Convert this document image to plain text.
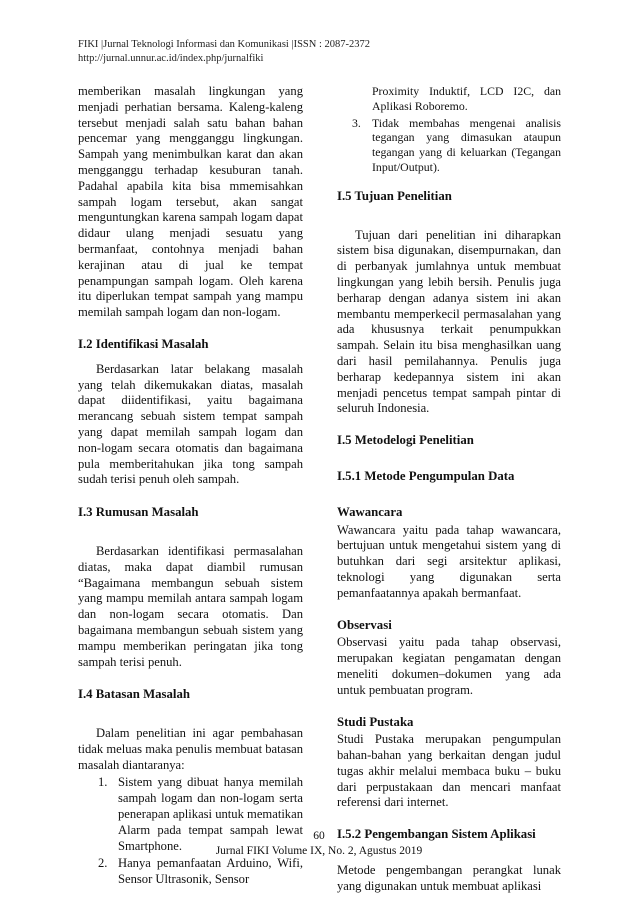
FIKI |Jurnal Teknologi Informasi dan Komunikasi |ISSN : 2087-2372
http://jurnal.unnur.ac.id/index.php/jurnalfiki

memberikan masalah lingkungan yang menjadi perhatian bersama. Kaleng-kaleng tersebut menjadi salah satu bahan bahan pencemar yang mengganggu lingkungan. Sampah yang menimbulkan karat dan akan mengganggu terhadap kesuburan tanah. Padahal apabila kita bisa mmemisahkan sampah logam tersebut, akan sangat menguntungkan karena sampah logam dapat didaur ulang menjadi sesuatu yang bermanfaat, contohnya menjadi bahan kerajinan atau di jual ke tempat penampungan sampah logam. Oleh karena itu diperlukan tempat sampah yang mampu memilah sampah logam dan non-logam.

I.2 Identifikasi Masalah

Berdasarkan latar belakang masalah yang telah dikemukakan diatas, masalah dapat diidentifikasi, yaitu bagaimana merancang sebuah sistem tempat sampah yang dapat memilah sampah logam dan non-logam secara otomatis dan bagaimana pula memberitahukan jika tong sampah sudah terisi penuh oleh sampah.

I.3 Rumusan Masalah

Berdasarkan identifikasi permasalahan diatas, maka dapat diambil rumusan “Bagaimana membangun sebuah sistem yang mampu memilah antara sampah logam dan non-logam secara otomatis. Dan bagaimana membangun sebuah sistem yang mampu memberikan peringatan jika tong sampah terisi penuh.

I.4 Batasan Masalah

Dalam penelitian ini agar pembahasan tidak meluas maka penulis membuat batasan masalah diantaranya:

1. Sistem yang dibuat hanya memilah sampah logam dan non-logam serta penerapan aplikasi untuk mematikan Alarm pada tempat sampah lewat Smartphone.
2. Hanya pemanfaatan Arduino, Wifi, Sensor Ultrasonik, Sensor

Proximity Induktif, LCD I2C, dan Aplikasi Roboremo.

3. Tidak membahas mengenai analisis tegangan yang dimasukan ataupun tegangan yang di keluarkan (Tegangan Input/Output).
I.5 Tujuan Penelitian

Tujuan dari penelitian ini diharapkan sistem bisa digunakan, disempurnakan, dan di perbanyak jumlahnya untuk membuat lingkungan yang lebih bersih. Penulis juga berharap dengan adanya sistem ini akan membantu memperkecil permasalahan yang ada khususnya terkait penumpukkan sampah. Selain itu bisa menghasilkan uang dari hasil pemilahannya. Penulis juga berharap kedepannya sistem ini akan menjadi pencetus tempat sampah pintar di seluruh Indonesia.

I.5 Metodelogi Penelitian
I.5.1 Metode Pengumpulan Data
Wawancara

Wawancara yaitu pada tahap wawancara, bertujuan untuk mengetahui sistem yang di butuhkan dari segi arsitektur aplikasi, teknologi yang digunakan serta pemanfaatannya apakah bermanfaat.

Observasi

Observasi yaitu pada tahap observasi, merupakan kegiatan pengamatan dengan meneliti dokumen–dokumen yang ada untuk pembuatan program.

Studi Pustaka

Studi Pustaka merupakan pengumpulan bahan-bahan yang berkaitan dengan judul tugas akhir melalui membaca buku – buku dari perpustakaan dan mencari manfaat referensi dari internet.

I.5.2 Pengembangan Sistem Aplikasi

Metode pengembangan perangkat lunak yang digunakan untuk membuat aplikasi

60
Jurnal FIKI Volume IX, No. 2, Agustus 2019
